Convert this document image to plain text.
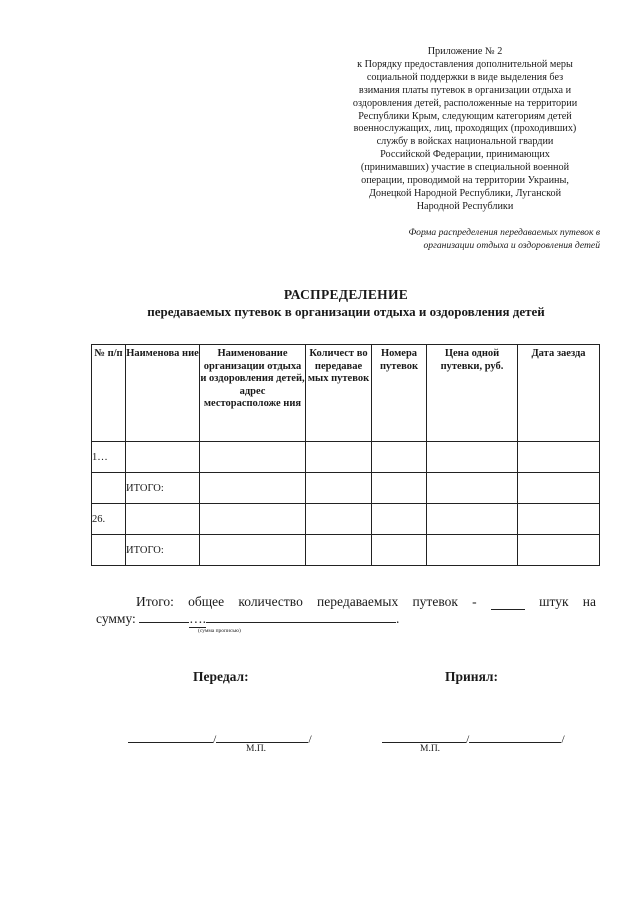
Приложение № 2
к Порядку предоставления дополнительной меры
социальной поддержки в виде выделения без
взимания платы путевок в организации отдыха и
оздоровления детей, расположенные на территории
Республики Крым, следующим категориям детей
военнослужащих, лиц, проходящих (проходивших)
службу в войсках национальной гвардии
Российской Федерации, принимающих
(принимавших) участие в специальной военной
операции, проводимой на территории Украины,
Донецкой Народной Республики, Луганской
Народной Республики
Форма распределения передаваемых путевок в
организации отдыха и оздоровления детей
РАСПРЕДЕЛЕНИЕ
передаваемых путевок в организации отдыха и оздоровления детей
№ п/п	Наименова ние	Наименование организации отдыха и оздоровления детей, адрес месторасположе ния	Количест во передавае мых путевок	Номера путевок	Цена одной путевки, руб.	Дата заезда
1…						
	ИТОГО:					
26.						
	ИТОГО:					
Итого: общее количество передаваемых путевок -	штук на
сумму:	….	.
(сумма прописью)
Передал:	Принял:
/	/	/	/
М.П.	М.П.
